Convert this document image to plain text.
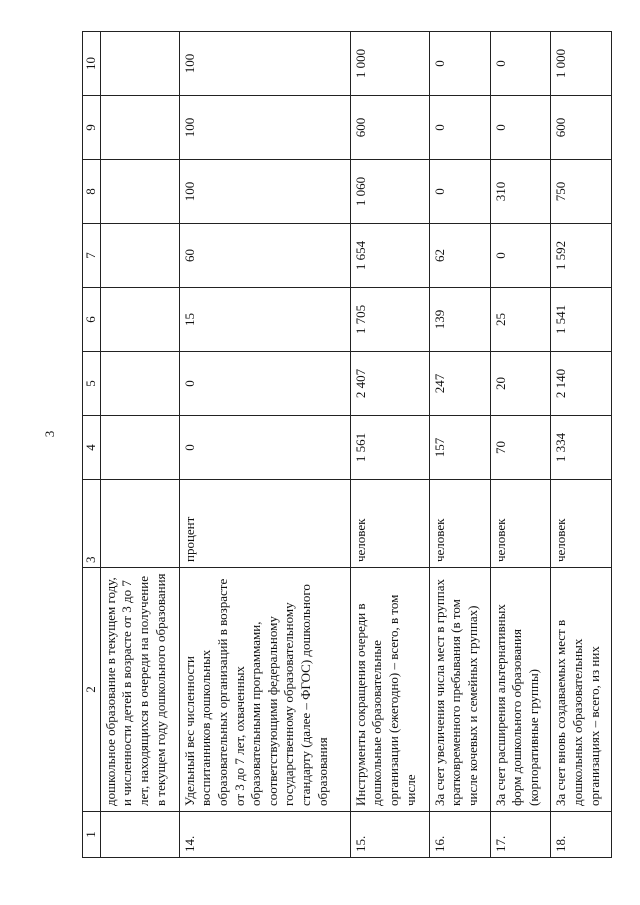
3
1	2	3	4	5	6	7	8	9	10
	дошкольное образование в текущем году, и численности детей в возрасте от 3 до 7 лет, находящихся в очереди на получение в текущем году дошкольного образования								
14.	Удельный вес численности воспитанников дошкольных образовательных организаций в возрасте от 3 до 7 лет, охваченных образовательными программами, соответствующими федеральному государственному образовательному стандарту (далее – ФГОС) дошкольного образования	процент	0	0	15	60	100	100	100
15.	Инструменты сокращения очереди в дошкольные образовательные организации (ежегодно) – всего, в том числе	человек	1 561	2 407	1 705	1 654	1 060	600	1 000
16.	За счет увеличения числа мест в группах кратковременного пребывания (в том числе кочевых и семейных группах)	человек	157	247	139	62	0	0	0
17.	За счет расширения альтернативных форм дошкольного образования (корпоративные группы)	человек	70	20	25	0	310	0	0
18.	За счет вновь создаваемых мест в дошкольных образовательных организациях – всего, из них	человек	1 334	2 140	1 541	1 592	750	600	1 000
